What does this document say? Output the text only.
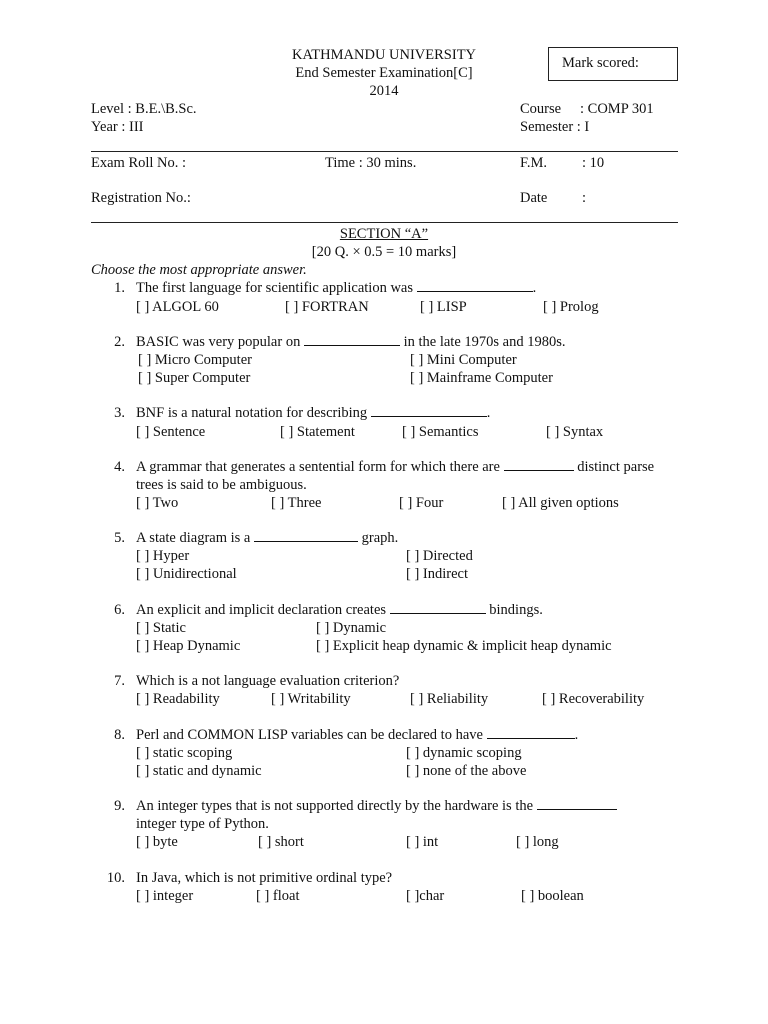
KATHMANDU UNIVERSITY
End Semester Examination[C]
2014
Mark scored:
Level : B.E.\B.Sc.
Year : III
Course : COMP 301
Semester : I
Exam Roll No. :	Time : 30 mins.	F.M. : 10
Registration No.:	Date :
SECTION “A”
[20 Q. × 0.5 = 10 marks]
Choose the most appropriate answer.
1. The first language for scientific application was	.
[ ] ALGOL 60	[ ] FORTRAN	[ ] LISP	[ ] Prolog
2. BASIC was very popular on	in the late 1970s and 1980s.
[ ] Micro Computer	[ ] Mini Computer
[ ] Super Computer	[ ] Mainframe Computer
3. BNF is a natural notation for describing	.
[ ] Sentence	[ ] Statement	[ ] Semantics	[ ] Syntax
4. A grammar that generates a sentential form for which there are	distinct parse
trees is said to be ambiguous.
[ ] Two	[ ] Three	[ ] Four	[ ] All given options
5. A state diagram is a	graph.
[ ] Hyper	[ ] Directed
[ ] Unidirectional	[ ] Indirect
6. An explicit and implicit declaration creates	bindings.
[ ] Static	[ ] Dynamic
[ ] Heap Dynamic	[ ] Explicit heap dynamic & implicit heap dynamic
7. Which is a not language evaluation criterion?
[ ] Readability	[ ] Writability	[ ] Reliability	[ ] Recoverability
8. Perl and COMMON LISP variables can be declared to have	.
[ ] static scoping	[ ] dynamic scoping
[ ] static and dynamic	[ ] none of the above
9. An integer types that is not supported directly by the hardware is the
integer type of Python.
[ ] byte	[ ] short	[ ] int	[ ] long
10. In Java, which is not primitive ordinal type?
[ ] integer	[ ] float	[ ]char	[ ] boolean
